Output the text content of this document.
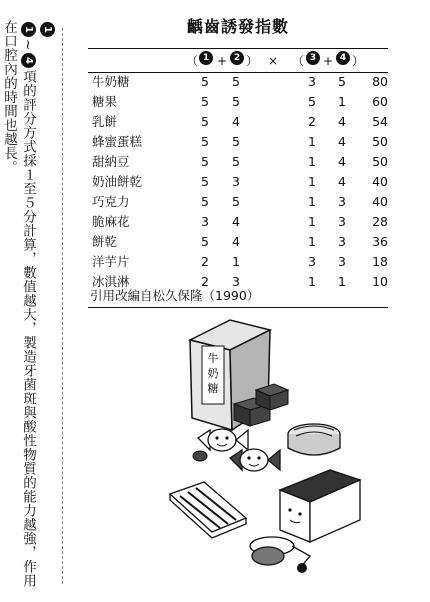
1
1~4項的評分方式採１至５分計算，數值越大，製造牙菌斑與酸性物質的能力越強，作用在口腔內的時間也越長。	齲齒誘發指數
（ 1 + 2 ） × （ 3 + 4 ）
牛奶糖	5 5	3 5	80
糖果	5 5	5 1	60
乳餅	5 4	2 4	54
蜂蜜蛋糕	5 5	1 4	50
甜納豆	5 5	1 4	50
奶油餅乾	5 3	1 4	40
巧克力	5 5	1 3	40
脆麻花	3 4	1 3	28
餅乾	5 4	1 3	36
洋芋片	2 1	3 3	18
冰淇淋	2 3	1 1	10
引用改編自松久保隆（1990）
牛
奶
糖
